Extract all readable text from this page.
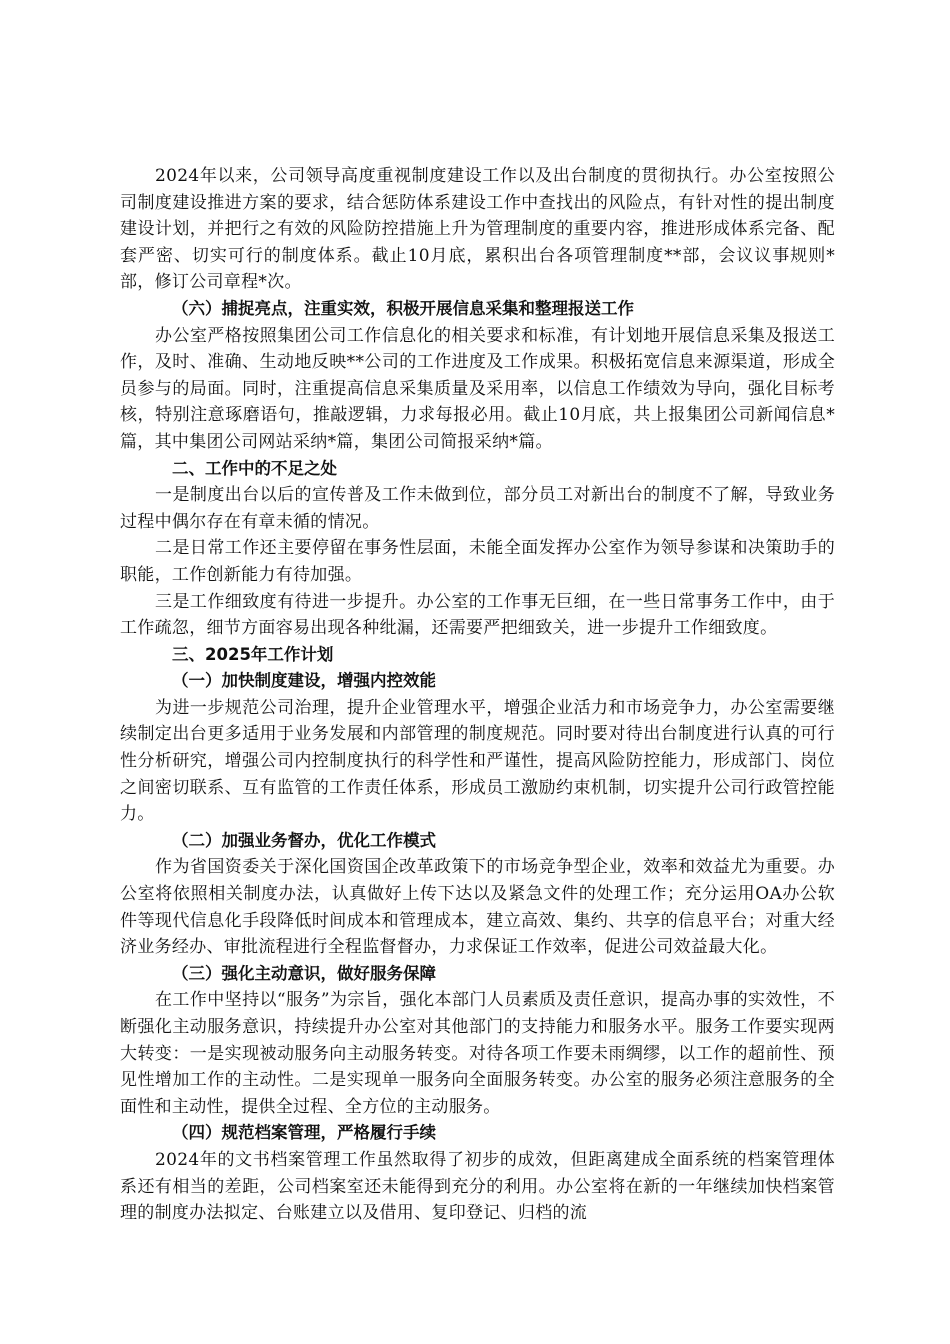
2024年以来，公司领导高度重视制度建设工作以及出台制度的贯彻执行。办公室按照公司制度建设推进方案的要求，结合惩防体系建设工作中查找出的风险点，有针对性的提出制度建设计划，并把行之有效的风险防控措施上升为管理制度的重要内容，推进形成体系完备、配套严密、切实可行的制度体系。截止10月底，累积出台各项管理制度**部，会议议事规则*部，修订公司章程*次。

（六）捕捉亮点，注重实效，积极开展信息采集和整理报送工作

办公室严格按照集团公司工作信息化的相关要求和标准，有计划地开展信息采集及报送工作，及时、准确、生动地反映**公司的工作进度及工作成果。积极拓宽信息来源渠道，形成全员参与的局面。同时，注重提高信息采集质量及采用率，以信息工作绩效为导向，强化目标考核，特别注意琢磨语句，推敲逻辑，力求每报必用。截止10月底，共上报集团公司新闻信息*篇，其中集团公司网站采纳*篇，集团公司简报采纳*篇。

二、工作中的不足之处

一是制度出台以后的宣传普及工作未做到位，部分员工对新出台的制度不了解，导致业务过程中偶尔存在有章未循的情况。

二是日常工作还主要停留在事务性层面，未能全面发挥办公室作为领导参谋和决策助手的职能，工作创新能力有待加强。

三是工作细致度有待进一步提升。办公室的工作事无巨细，在一些日常事务工作中，由于工作疏忽，细节方面容易出现各种纰漏，还需要严把细致关，进一步提升工作细致度。

三、2025年工作计划

（一）加快制度建设，增强内控效能

为进一步规范公司治理，提升企业管理水平，增强企业活力和市场竞争力，办公室需要继续制定出台更多适用于业务发展和内部管理的制度规范。同时要对待出台制度进行认真的可行性分析研究，增强公司内控制度执行的科学性和严谨性，提高风险防控能力，形成部门、岗位之间密切联系、互有监管的工作责任体系，形成员工激励约束机制，切实提升公司行政管控能力。

（二）加强业务督办，优化工作模式

作为省国资委关于深化国资国企改革政策下的市场竞争型企业，效率和效益尤为重要。办公室将依照相关制度办法，认真做好上传下达以及紧急文件的处理工作；充分运用OA办公软件等现代信息化手段降低时间成本和管理成本，建立高效、集约、共享的信息平台；对重大经济业务经办、审批流程进行全程监督督办，力求保证工作效率，促进公司效益最大化。

（三）强化主动意识，做好服务保障

在工作中坚持以“服务”为宗旨，强化本部门人员素质及责任意识，提高办事的实效性，不断强化主动服务意识，持续提升办公室对其他部门的支持能力和服务水平。服务工作要实现两大转变：一是实现被动服务向主动服务转变。对待各项工作要未雨绸缪，以工作的超前性、预见性增加工作的主动性。二是实现单一服务向全面服务转变。办公室的服务必须注意服务的全面性和主动性，提供全过程、全方位的主动服务。

（四）规范档案管理，严格履行手续

2024年的文书档案管理工作虽然取得了初步的成效，但距离建成全面系统的档案管理体系还有相当的差距，公司档案室还未能得到充分的利用。办公室将在新的一年继续加快档案管理的制度办法拟定、台账建立以及借用、复印登记、归档的流
